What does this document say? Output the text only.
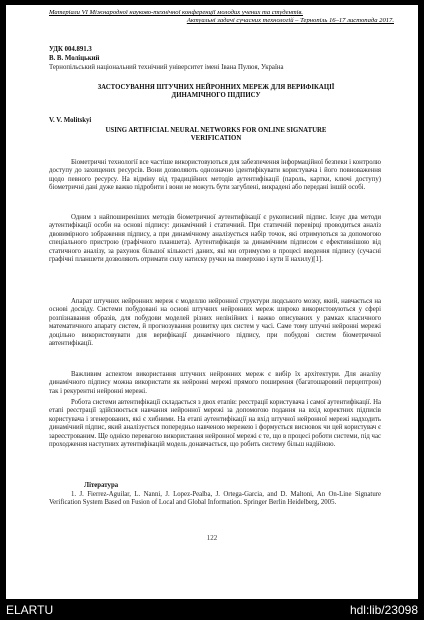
Матеріали VI Міжнародної науково-технічної конференції молодих учених та студентів.
Актуальні задачі сучасних технологій – Тернопіль 16–17 листопада 2017.
УДК 004.891.3
В. В. Моліцький
Тернопільський національний технічний університет імені Івана Пулюя, Україна
ЗАСТОСУВАННЯ ШТУЧНИХ НЕЙРОННИХ МЕРЕЖ ДЛЯ ВЕРИФІКАЦІЇ ДИНАМІЧНОГО ПІДПИСУ
V. V. Molitskyi
USING ARTIFICIAL NEURAL NETWORKS FOR ONLINE SIGNATURE VERIFICATION
Біометричні технології все частіше використовуються для забезпечення інформаційної безпеки і контролю доступу до захищених ресурсів. Вони дозволяють однозначно ідентифікувати користувача і його повноваження щодо певного ресурсу. На відміну від традиційних методів аутентифікації (пароль, картки, ключі доступу) біометричні дані дуже важко підробити і вони не можуть бути загублені, викрадені або передані іншій особі.
Одним з найпоширеніших методів біометричної аутентифікації є рукописний підпис. Існує два методи аутентифікації особи на основі підпису: динамічний і статичний. При статичній перевірці проводиться аналіз двовимірного зображення підпису, а при динамічному аналізується набір точок, які отримуються за допомогою спеціального пристрою (графічного планшета). Аутентифікація за динамічним підписом є ефективнішою від статичного аналізу, за рахунок більшої кількості даних, які ми отримуємо в процесі введення підпису (сучасні графічні планшети дозволяють отримати силу натиску ручки на поверхню і кути її нахилу)[1].
Апарат штучних нейронних мереж є моделлю нейронної структури людського мозку, який, навчається на основі досвіду. Системи побудовані на основі штучних нейронних мереж широко використовуються у сфері розпізнавання образів, для побудови моделей різних нелінійних і важко описуваних у рамках класичного математичного апарату систем, й прогнозування розвитку цих систем у часі. Саме тому штучні нейронні мережі доцільно використовувати для верифікації динамічного підпису, при побудові систем біометричної автентифікації.
Важливим аспектом використання штучних нейронних мереж є вибір їх архітектури. Для аналізу динамічного підпису можна використати як нейронні мережі прямого поширення (багатошаровий перцептрон) так і рекурентні нейронні мережі.
Робота системи автентифікації складається з двох етапів: реєстрації користувача і самої аутентифікації. На етапі реєстрації здійснюється навчання нейронної мережі за допомогою подання на вхід коректних підписів користувача і згенерованих, які є хибними. На етапі аутентифікації на вхід штучної нейронної мережі надходить динамічний підпис, який аналізується попередньо навченою мережею і формується висновок чи цей користувач є зареєстрованим. Ще однією перевагою використання нейронної мережі є те, що в процесі роботи системи, під час проходження наступних аутентифікацій модель донавчається, що робить систему більш надійною.
Література
1. J. Fierrez-Aguilar, L. Nanni, J. Lopez-Pealba, J. Ortega-Garcia, and D. Maltoni, An On-Line Signature Verification System Based on Fusion of Local and Global Information. Springer Berlin Heidelberg, 2005.
122
ELARTU	hdl:lib/23098
